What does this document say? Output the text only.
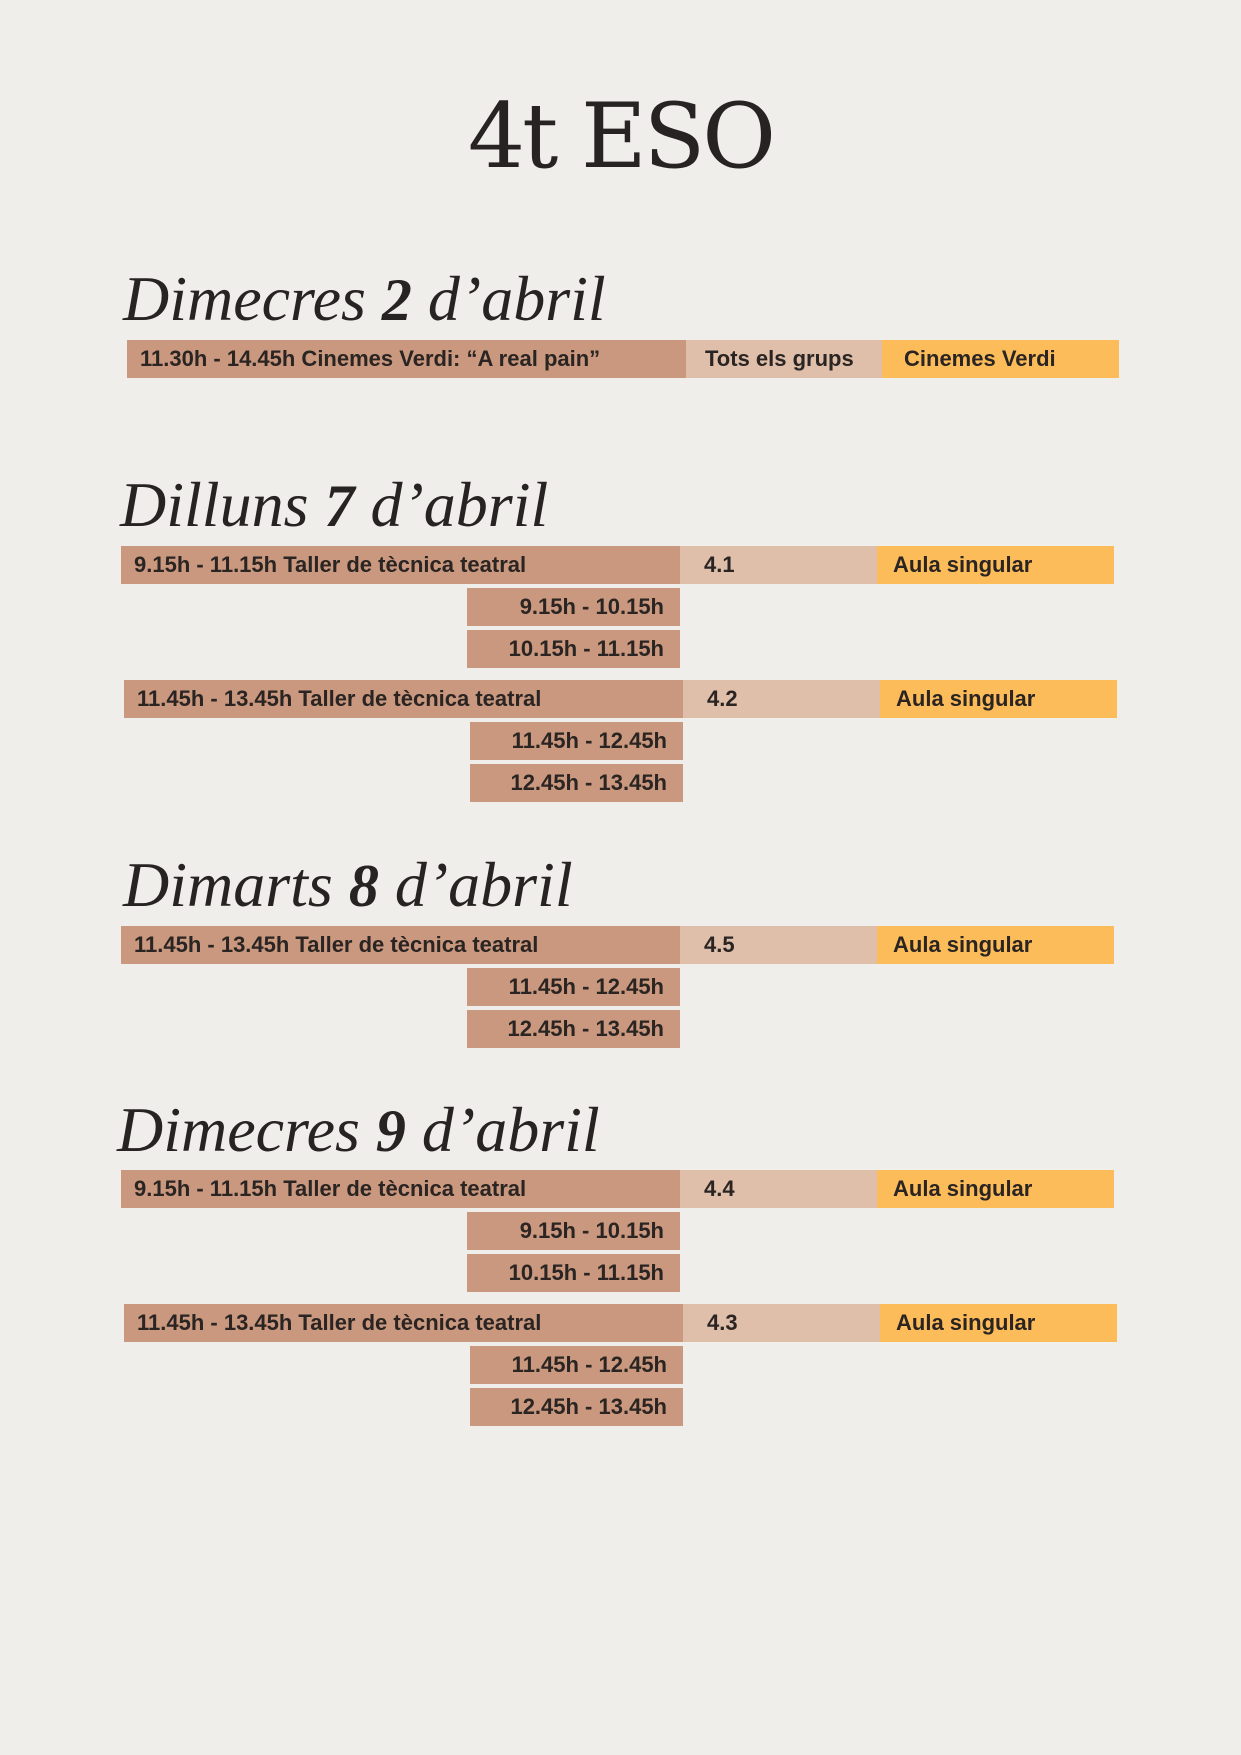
4t ESO
Dimecres 2 d’abril
11.30h - 14.45h Cinemes Verdi: “A real pain”	Tots els grups	Cinemes Verdi
Dilluns 7 d’abril
9.15h - 11.15h Taller de tècnica teatral	4.1	Aula singular
9.15h - 10.15h
10.15h - 11.15h
11.45h - 13.45h Taller de tècnica teatral	4.2	Aula singular
11.45h - 12.45h
12.45h - 13.45h
Dimarts 8 d’abril
11.45h - 13.45h Taller de tècnica teatral	4.5	Aula singular
11.45h - 12.45h
12.45h - 13.45h
Dimecres 9 d’abril
9.15h - 11.15h Taller de tècnica teatral	4.4	Aula singular
9.15h - 10.15h
10.15h - 11.15h
11.45h - 13.45h Taller de tècnica teatral	4.3	Aula singular
11.45h - 12.45h
12.45h - 13.45h
